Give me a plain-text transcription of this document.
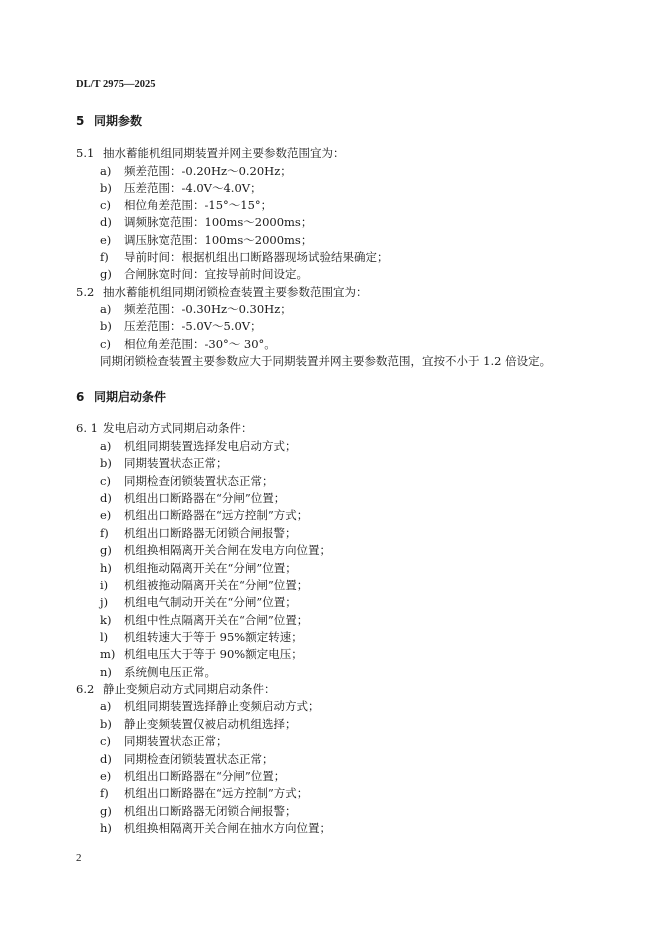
DL/T 2975—2025
5 同期参数
5.1 抽水蓄能机组同期装置并网主要参数范围宜为：
a) 频差范围：-0.20Hz～0.20Hz；
b) 压差范围：-4.0V～4.0V；
c) 相位角差范围：-15°～15°；
d) 调频脉宽范围：100ms～2000ms；
e) 调压脉宽范围：100ms～2000ms；
f) 导前时间：根据机组出口断路器现场试验结果确定；
g) 合闸脉宽时间：宜按导前时间设定。
5.2 抽水蓄能机组同期闭锁检查装置主要参数范围宜为：
a) 频差范围：-0.30Hz～0.30Hz；
b) 压差范围：-5.0V～5.0V；
c) 相位角差范围：-30°～ 30°。
同期闭锁检查装置主要参数应大于同期装置并网主要参数范围，宜按不小于 1.2 倍设定。
6 同期启动条件
6. 1 发电启动方式同期启动条件：
a) 机组同期装置选择发电启动方式；
b) 同期装置状态正常；
c) 同期检查闭锁装置状态正常；
d) 机组出口断路器在“分闸”位置；
e) 机组出口断路器在“远方控制”方式；
f) 机组出口断路器无闭锁合闸报警；
g) 机组换相隔离开关合闸在发电方向位置；
h) 机组拖动隔离开关在“分闸”位置；
i) 机组被拖动隔离开关在“分闸”位置；
j) 机组电气制动开关在“分闸”位置；
k) 机组中性点隔离开关在“合闸”位置；
l) 机组转速大于等于 95%额定转速；
m) 机组电压大于等于 90%额定电压；
n) 系统侧电压正常。
6.2 静止变频启动方式同期启动条件：
a) 机组同期装置选择静止变频启动方式；
b) 静止变频装置仅被启动机组选择；
c) 同期装置状态正常；
d) 同期检查闭锁装置状态正常；
e) 机组出口断路器在“分闸”位置；
f) 机组出口断路器在“远方控制”方式；
g) 机组出口断路器无闭锁合闸报警；
h) 机组换相隔离开关合闸在抽水方向位置；
2
